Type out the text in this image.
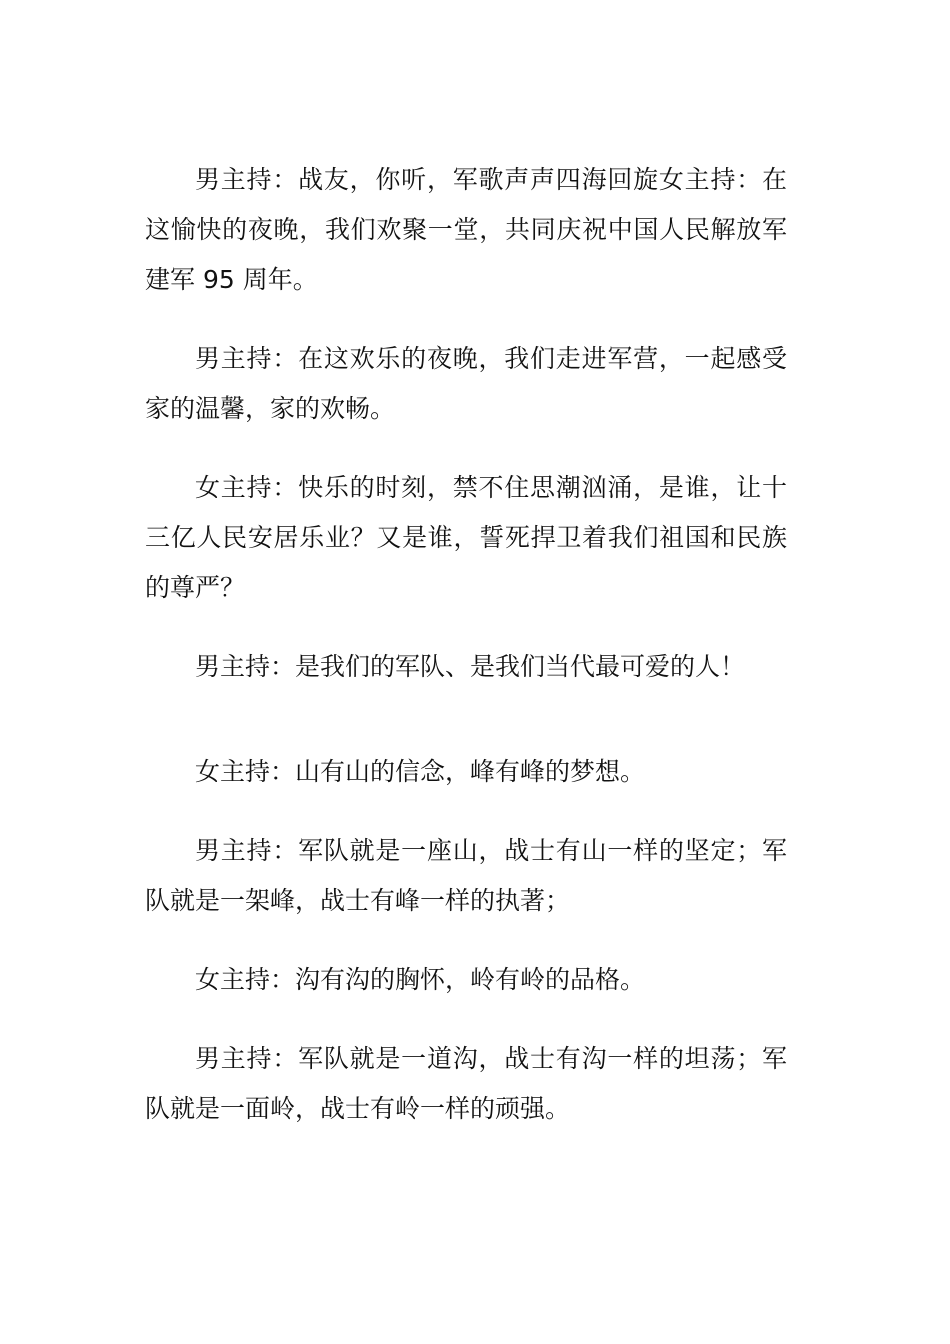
男主持：战友，你听，军歌声声四海回旋女主持：在这愉快的夜晚，我们欢聚一堂，共同庆祝中国人民解放军建军 95 周年。

男主持：在这欢乐的夜晚，我们走进军营，一起感受家的温馨，家的欢畅。

女主持：快乐的时刻，禁不住思潮汹涌，是谁，让十三亿人民安居乐业？又是谁，誓死捍卫着我们祖国和民族的尊严？

男主持：是我们的军队、是我们当代最可爱的人！

女主持：山有山的信念，峰有峰的梦想。

男主持：军队就是一座山，战士有山一样的坚定；军队就是一架峰，战士有峰一样的执著；

女主持：沟有沟的胸怀，岭有岭的品格。

男主持：军队就是一道沟，战士有沟一样的坦荡；军队就是一面岭，战士有岭一样的顽强。
